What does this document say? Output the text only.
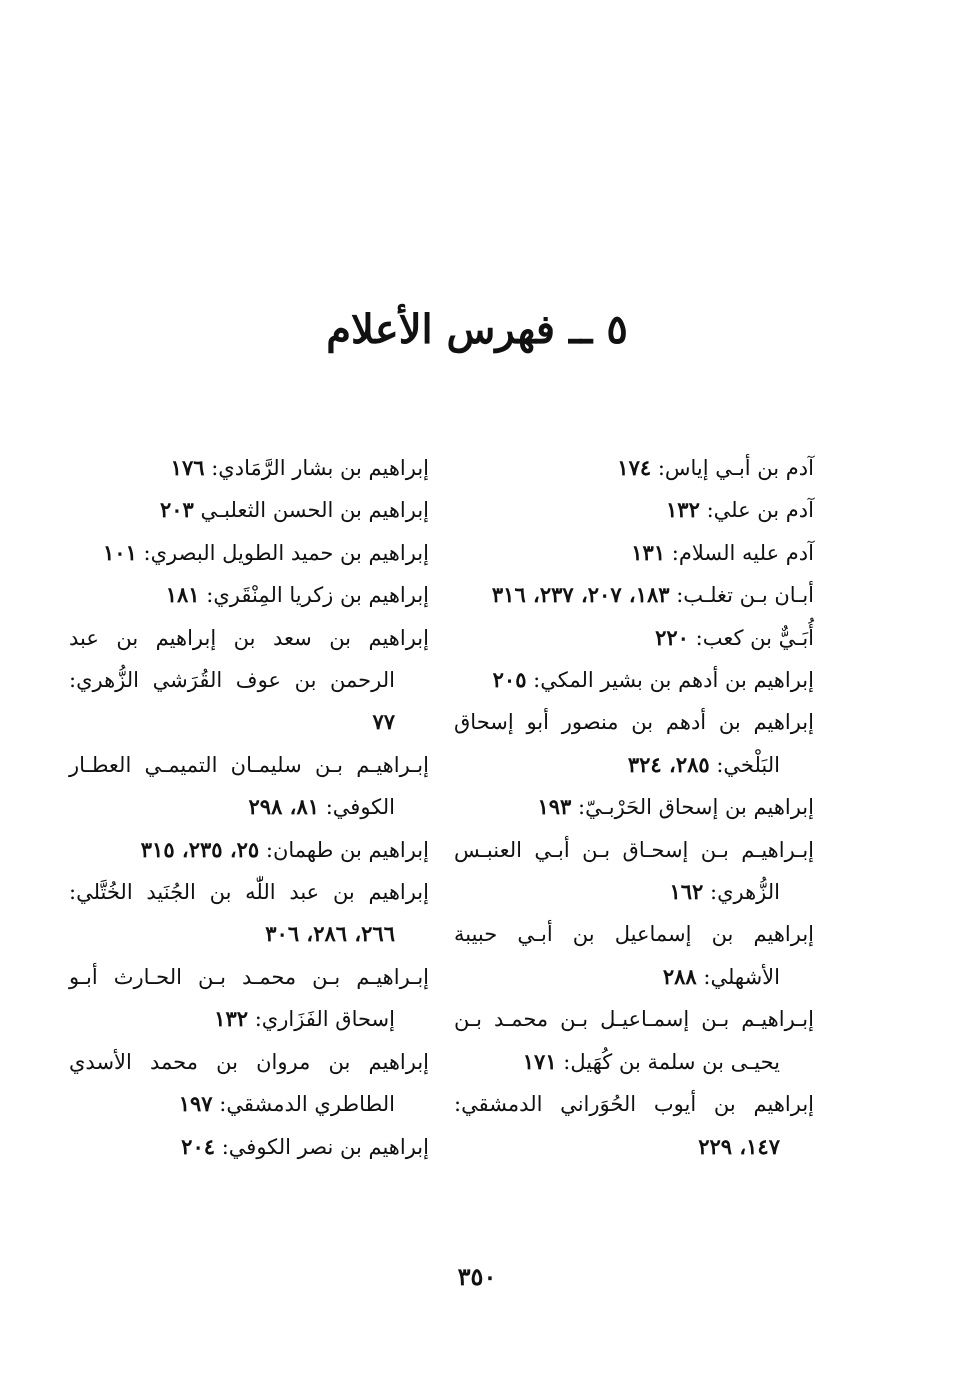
٥ ــ فهرس الأعلام

آدم بن أبـي إياس: ١٧٤

آدم بن علي: ١٣٢

آدم عليه السلام: ١٣١

أبـان بـن تغلـب: ١٨٣، ٢٠٧، ٢٣٧، ٣١٦

أُبَـيٌّ بن كعب: ٢٢٠

إبراهيم بن أدهم بن بشير المكي: ٢٠٥

إبراهيم بن أدهم بن منصور أبو إسحاق البَلْخي: ٢٨٥، ٣٢٤

إبراهيم بن إسحاق الحَرْبـيّ: ١٩٣

إبـراهيـم بـن إسحـاق بـن أبـي العنبـس الزُّهري: ١٦٢

إبراهيم بن إسماعيل بن أبـي حبيبة الأشهلي: ٢٨٨

إبـراهيـم بـن إسمـاعيـل بـن محمـد بـن يحيـى بن سلمة بن كُهَيل: ١٧١

إبراهيم بن أيوب الحُوَراني الدمشقي: ١٤٧، ٢٢٩

إبراهيم بن بشار الرَّمَادي: ١٧٦

إبراهيم بن الحسن الثعلبـي ٢٠٣

إبراهيم بن حميد الطويل البصري: ١٠١

إبراهيم بن زكريا المِنْقَري: ١٨١

إبراهيم بن سعد بن إبراهيم بن عبد الرحمن بن عوف القُرَشي الزُّهري: ٧٧

إبـراهيـم بـن سليمـان التميمـي العطـار الكوفي: ٨١، ٢٩٨

إبراهيم بن طهمان: ٢٥، ٢٣٥، ٣١٥

إبراهيم بن عبد اللّٰه بن الجُنَيد الخُتَّلي: ٢٦٦، ٢٨٦، ٣٠٦

إبـراهيـم بـن محمـد بـن الحـارث أبـو إسحاق الفَزَاري: ١٣٢

إبراهيم بن مروان بن محمد الأسدي الطاطري الدمشقي: ١٩٧

إبراهيم بن نصر الكوفي: ٢٠٤

٣٥٠
